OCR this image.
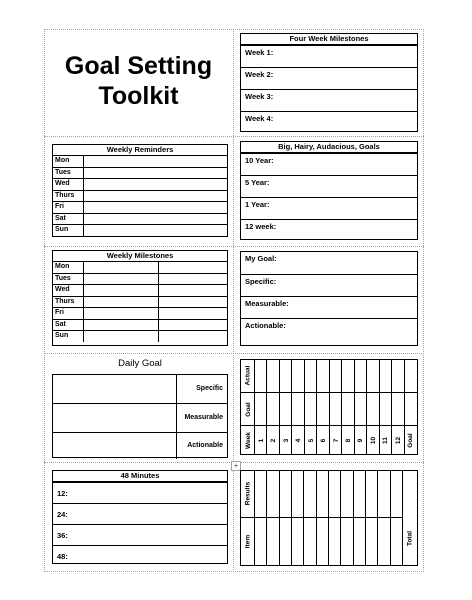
+
Goal Setting
Toolkit
Four Week Milestones
Week 1:
Week 2:
Week 3:
Week 4:
Weekly Reminders
Mon	
Tues	
Wed	
Thurs	
Fri	
Sat	
Sun	
Big, Hairy, Audacious, Goals
10 Year:
5 Year:
1 Year:
12 week:
Weekly Milestones
Mon		
Tues		
Wed		
Thurs		
Fri		
Sat		
Sun		
My Goal:
Specific:
Measurable:
Actionable:
Daily Goal
Specific
Measurable
Actionable
Actual
Goal
Week 1 2 3 4 5 6 7 8 9 10 11 12 Goal
48 Minutes
12:
24:
36:
48:
Results
Item	Total
